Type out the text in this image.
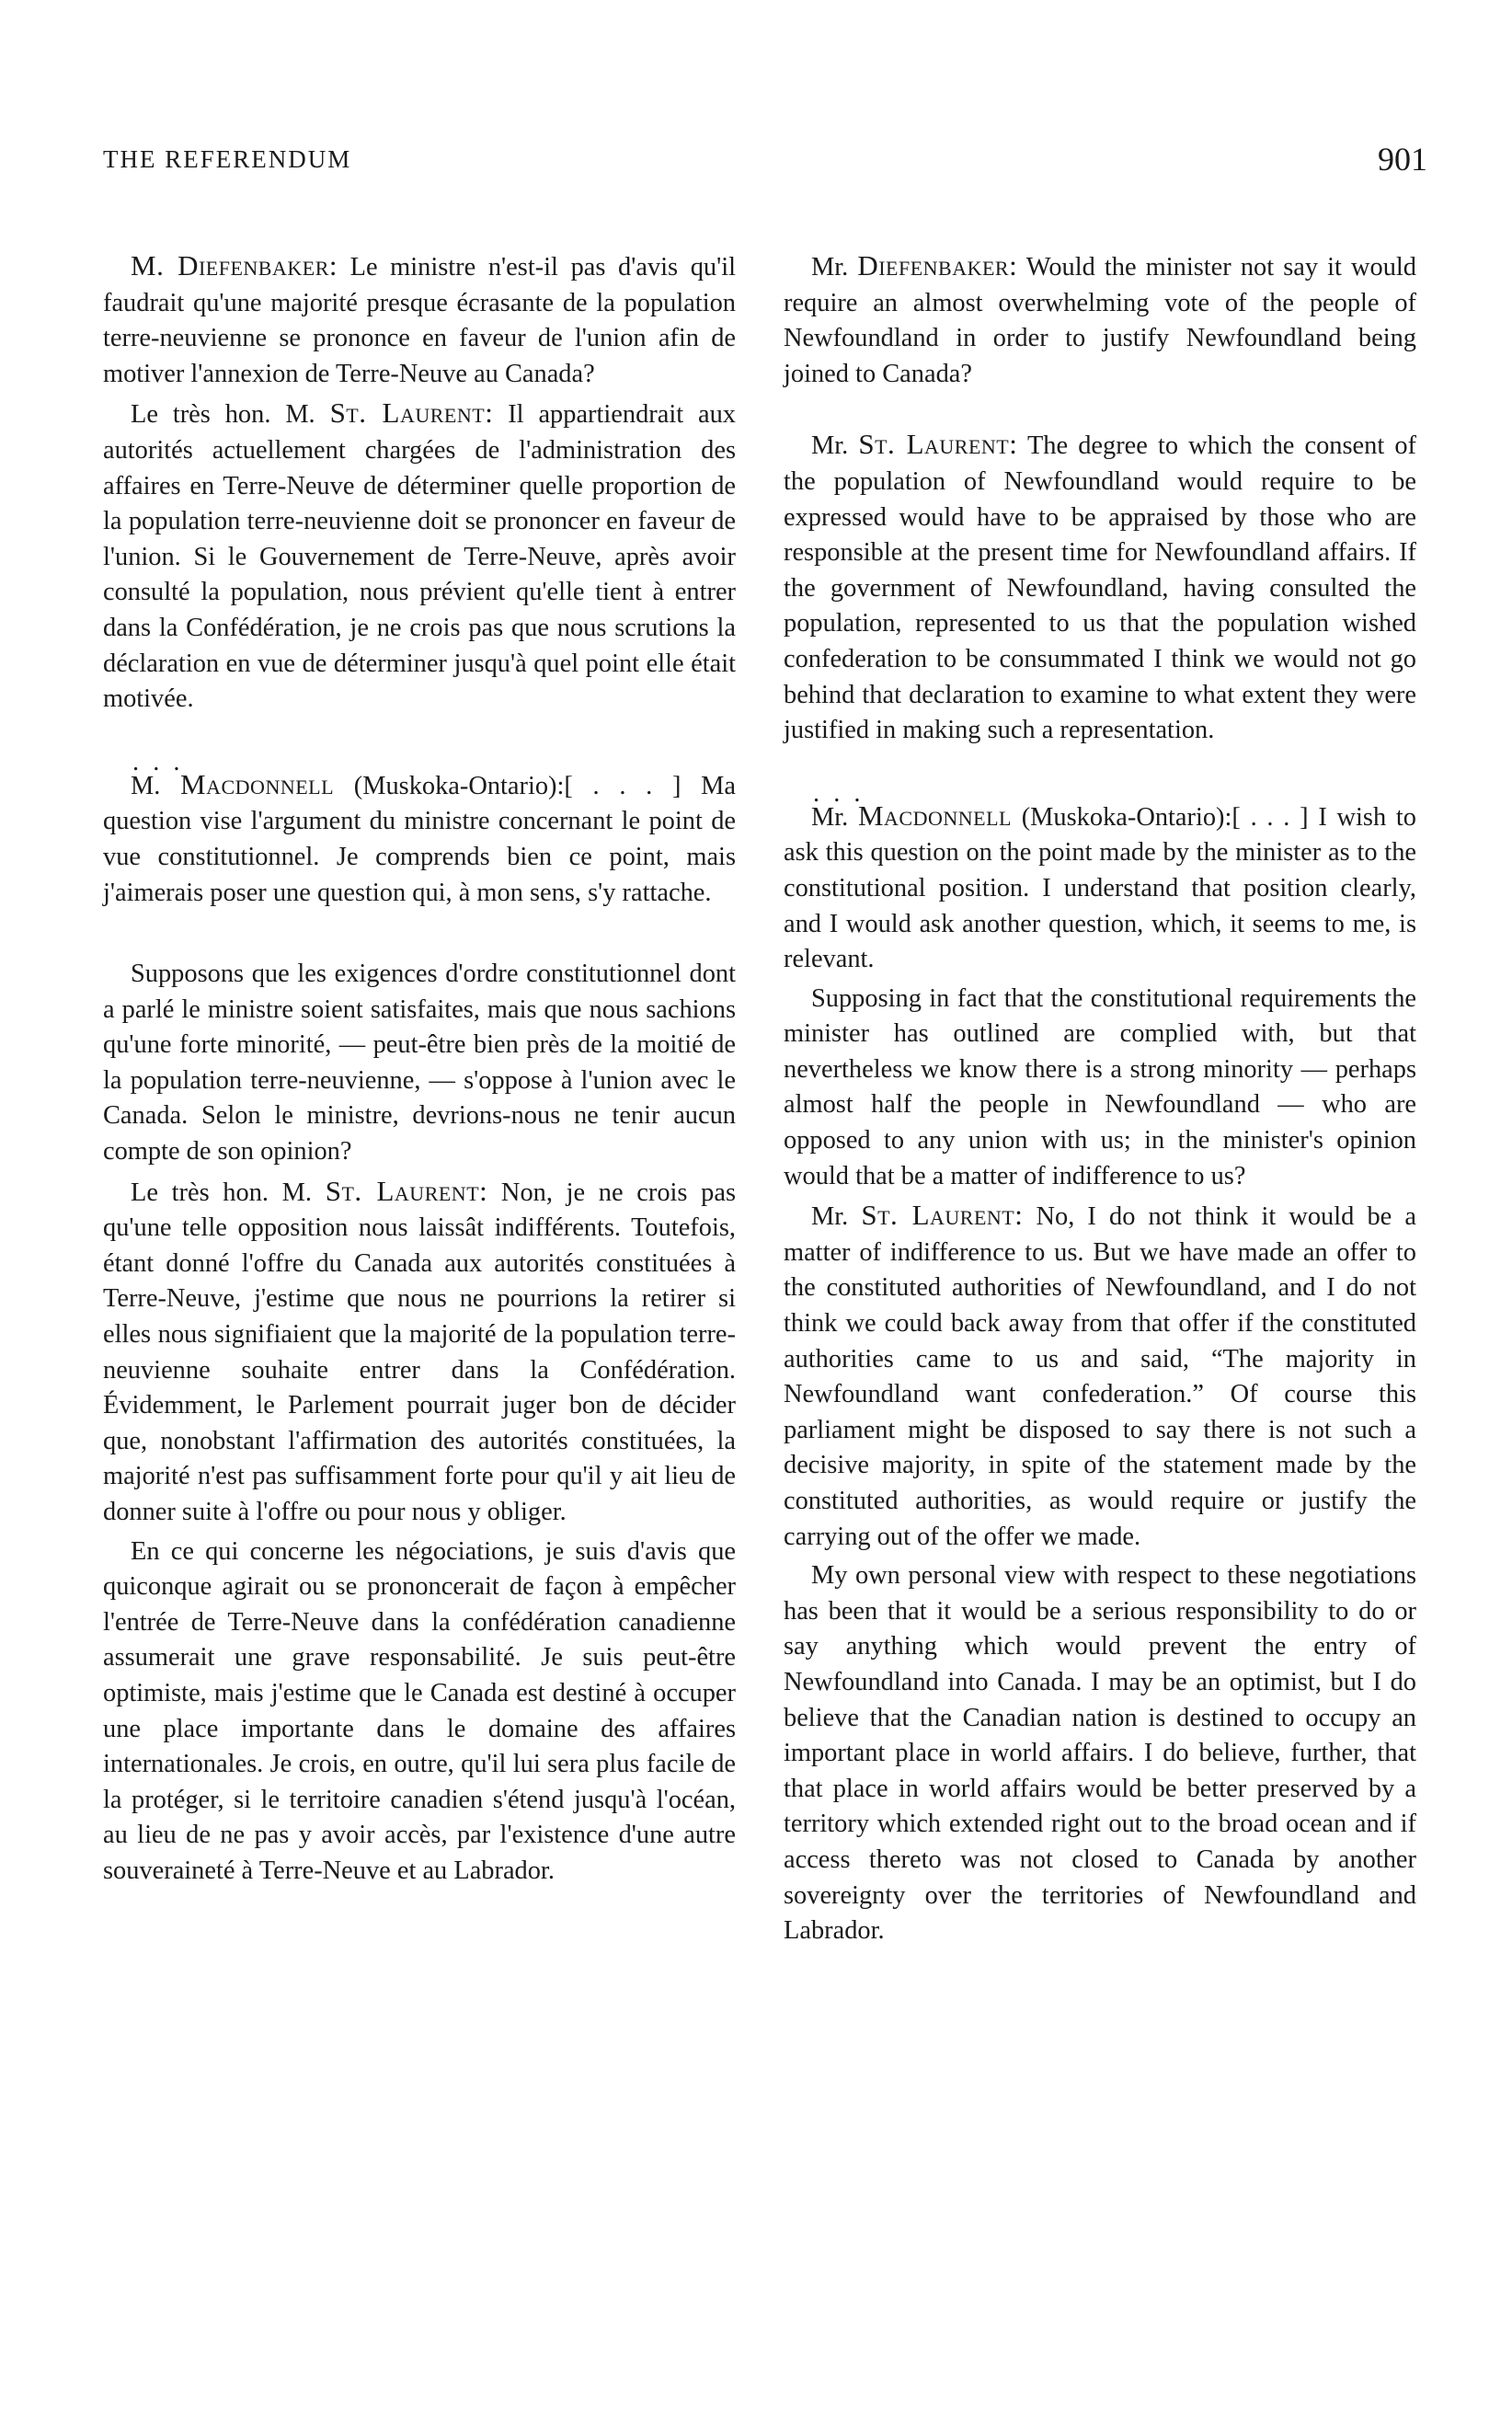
THE REFERENDUM	901

M. Diefenbaker: Le ministre n'est-il pas d'avis qu'il faudrait qu'une majorité presque écrasante de la population terre-neuvienne se prononce en faveur de l'union afin de motiver l'annexion de Terre-Neuve au Canada?

Le très hon. M. St. Laurent: Il appartiendrait aux autorités actuellement chargées de l'administration des affaires en Terre-Neuve de déterminer quelle proportion de la population terre-neuvienne doit se prononcer en faveur de l'union. Si le Gouvernement de Terre-Neuve, après avoir consulté la population, nous prévient qu'elle tient à entrer dans la Confédération, je ne crois pas que nous scrutions la déclaration en vue de déterminer jusqu'à quel point elle était motivée.

. . .

M. Macdonnell (Muskoka-Ontario):[ . . . ] Ma question vise l'argument du ministre concernant le point de vue constitutionnel. Je comprends bien ce point, mais j'aimerais poser une question qui, à mon sens, s'y rattache.

Supposons que les exigences d'ordre constitutionnel dont a parlé le ministre soient satisfaites, mais que nous sachions qu'une forte minorité, — peut-être bien près de la moitié de la population terre-neuvienne, — s'oppose à l'union avec le Canada. Selon le ministre, devrions-nous ne tenir aucun compte de son opinion?

Le très hon. M. St. Laurent: Non, je ne crois pas qu'une telle opposition nous laissât indifférents. Toutefois, étant donné l'offre du Canada aux autorités constituées à Terre-Neuve, j'estime que nous ne pourrions la retirer si elles nous signifiaient que la majorité de la population terre-neuvienne souhaite entrer dans la Confédération. Évidemment, le Parlement pourrait juger bon de décider que, nonobstant l'affirmation des autorités constituées, la majorité n'est pas suffisamment forte pour qu'il y ait lieu de donner suite à l'offre ou pour nous y obliger.

En ce qui concerne les négociations, je suis d'avis que quiconque agirait ou se prononcerait de façon à empêcher l'entrée de Terre-Neuve dans la confédération canadienne assumerait une grave responsabilité. Je suis peut-être optimiste, mais j'estime que le Canada est destiné à occuper une place importante dans le domaine des affaires internationales. Je crois, en outre, qu'il lui sera plus facile de la protéger, si le territoire canadien s'étend jusqu'à l'océan, au lieu de ne pas y avoir accès, par l'existence d'une autre souveraineté à Terre-Neuve et au Labrador.

Mr. Diefenbaker: Would the minister not say it would require an almost overwhelming vote of the people of Newfoundland in order to justify Newfoundland being joined to Canada?

Mr. St. Laurent: The degree to which the consent of the population of Newfoundland would require to be expressed would have to be appraised by those who are responsible at the present time for Newfoundland affairs. If the government of Newfoundland, having consulted the population, represented to us that the population wished confederation to be consummated I think we would not go behind that declaration to examine to what extent they were justified in making such a representation.

. . .

Mr. Macdonnell (Muskoka-Ontario):[ . . . ] I wish to ask this question on the point made by the minister as to the constitutional position. I understand that position clearly, and I would ask another question, which, it seems to me, is relevant.

Supposing in fact that the constitutional requirements the minister has outlined are complied with, but that nevertheless we know there is a strong minority — perhaps almost half the people in Newfoundland — who are opposed to any union with us; in the minister's opinion would that be a matter of indifference to us?

Mr. St. Laurent: No, I do not think it would be a matter of indifference to us. But we have made an offer to the constituted authorities of Newfoundland, and I do not think we could back away from that offer if the constituted authorities came to us and said, “The majority in Newfoundland want confederation.” Of course this parliament might be disposed to say there is not such a decisive majority, in spite of the statement made by the constituted authorities, as would require or justify the carrying out of the offer we made.

My own personal view with respect to these negotiations has been that it would be a serious responsibility to do or say anything which would prevent the entry of Newfoundland into Canada. I may be an optimist, but I do believe that the Canadian nation is destined to occupy an important place in world affairs. I do believe, further, that that place in world affairs would be better preserved by a territory which extended right out to the broad ocean and if access thereto was not closed to Canada by another sovereignty over the territories of Newfoundland and Labrador.
